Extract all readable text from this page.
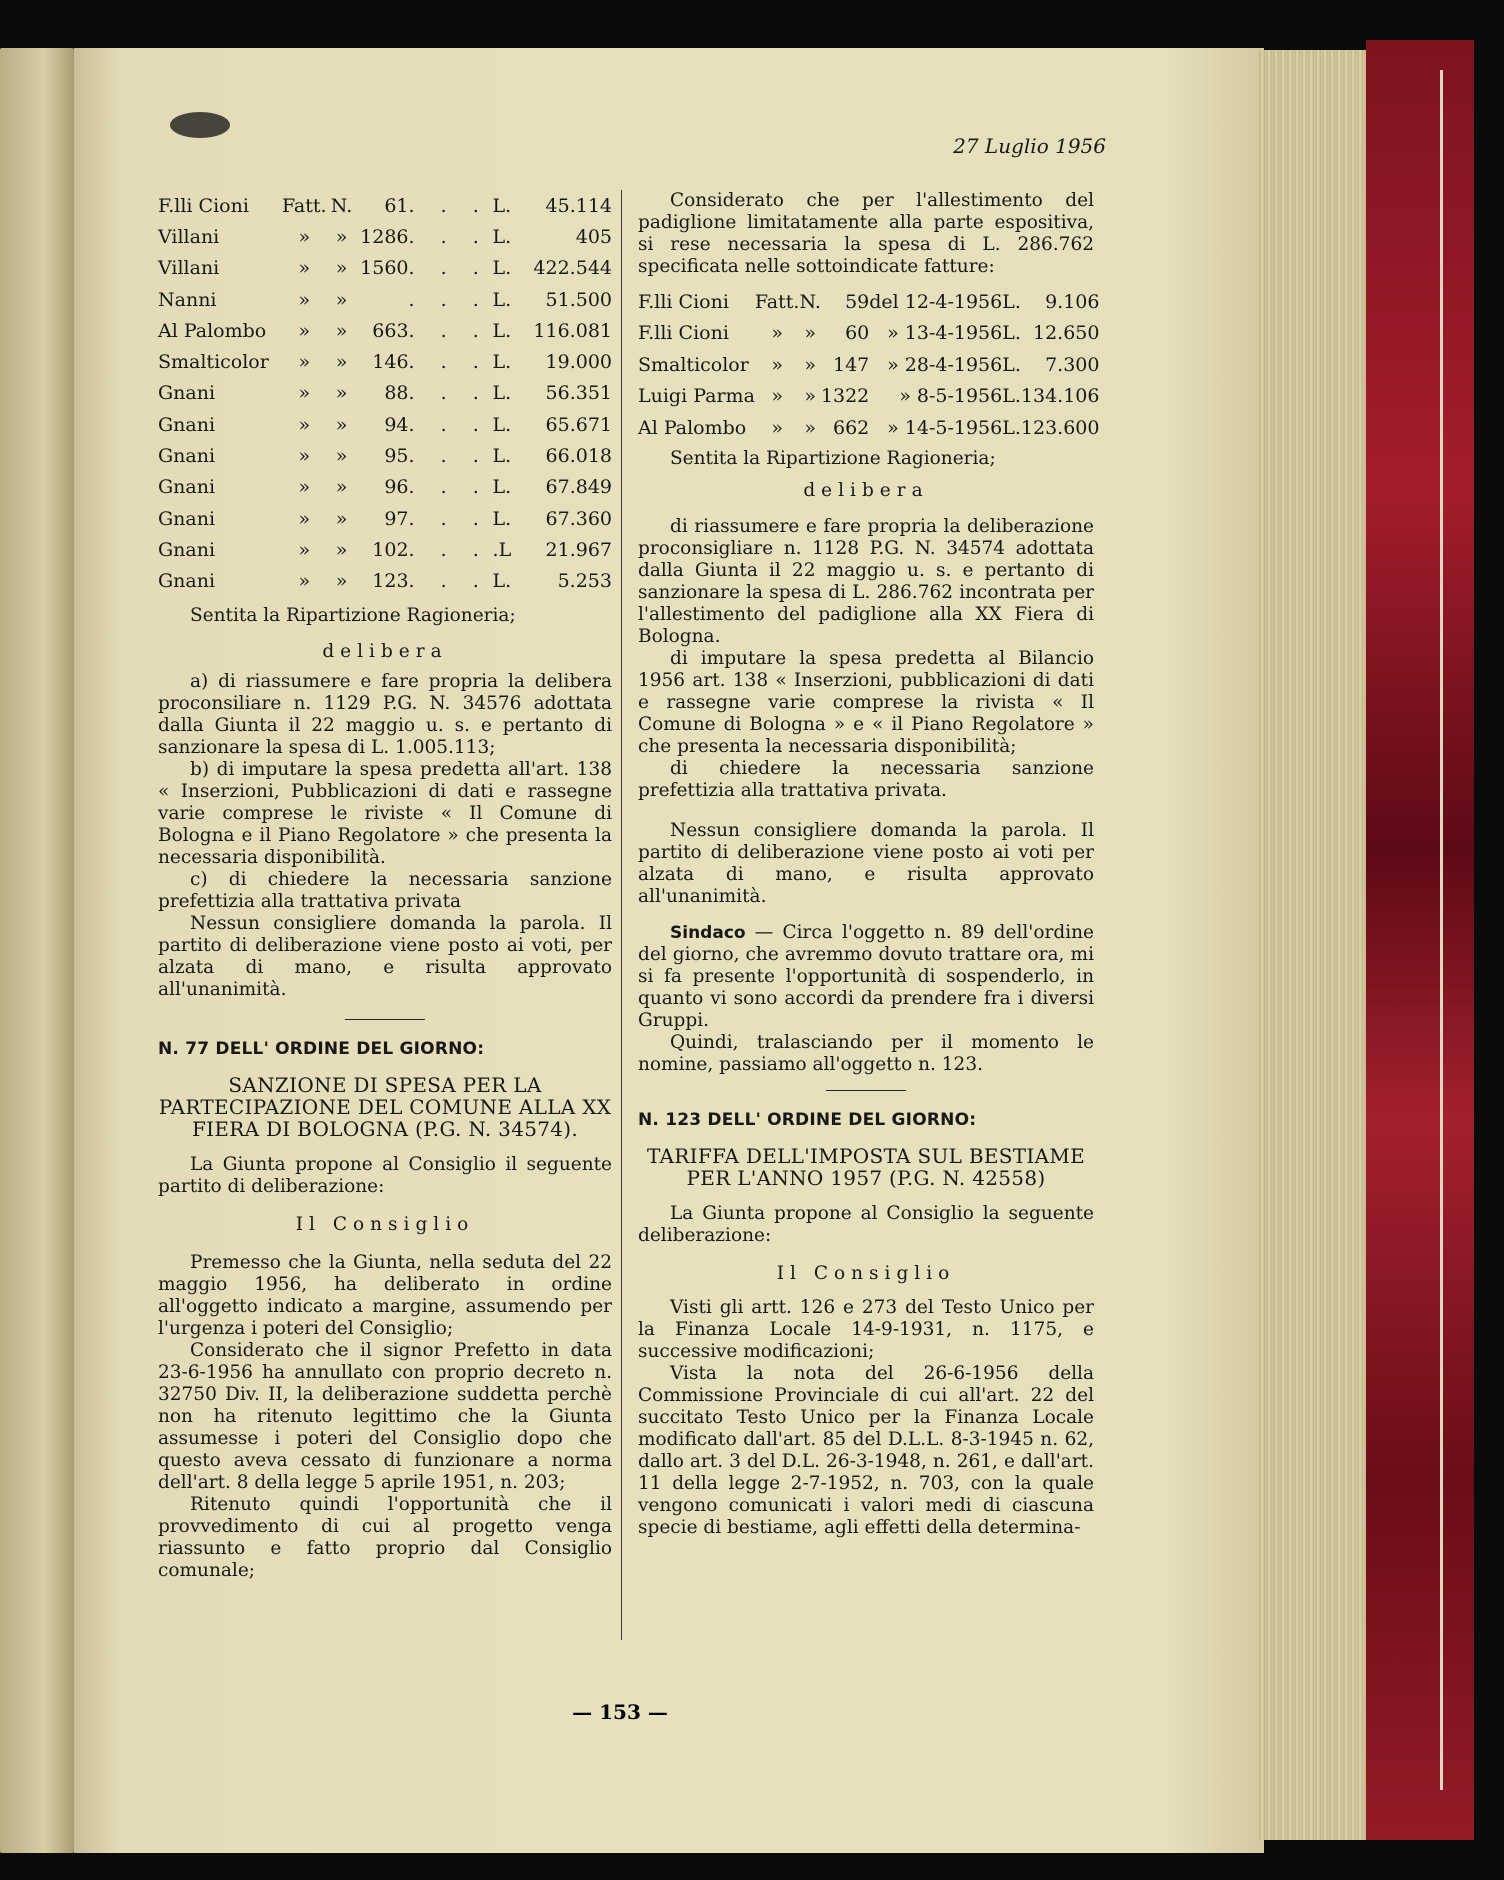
27 Luglio 1956
F.lli Cioni	Fatt.	N.	61	. . .	L.	45.114
Villani	»	»	1286	. . .	L.	405
Villani	»	»	1560	. . .	L.	422.544
Nanni	»	»		. . .	L.	51.500
Al Palombo	»	»	663	. . .	L.	116.081
Smalticolor	»	»	146	. . .	L.	19.000
Gnani	»	»	88	. . .	L.	56.351
Gnani	»	»	94	. . .	L.	65.671
Gnani	»	»	95	. . .	L.	66.018
Gnani	»	»	96	. . .	L.	67.849
Gnani	»	»	97	. . .	L.	67.360
Gnani	»	»	102	. . .	.L	21.967
Gnani	»	»	123	. . .	L.	5.253

Sentita la Ripartizione Ragioneria;

delibera

a) di riassumere e fare propria la delibera proconsiliare n. 1129 P.G. N. 34576 adottata dalla Giunta il 22 maggio u. s. e pertanto di sanzionare la spesa di L. 1.005.113;

b) di imputare la spesa predetta all'art. 138 « Inserzioni, Pubblicazioni di dati e rassegne varie comprese le riviste « Il Comune di Bologna e il Piano Regolatore » che presenta la necessaria disponibilità.

c) di chiedere la necessaria sanzione prefettizia alla trattativa privata

Nessun consigliere domanda la parola. Il partito di deliberazione viene posto ai voti, per alzata di mano, e risulta approvato all'unanimità.

N. 77 DELL' ORDINE DEL GIORNO:

SANZIONE DI SPESA PER LA PARTECIPAZIONE DEL COMUNE ALLA XX FIERA DI BOLOGNA (P.G. N. 34574).

La Giunta propone al Consiglio il seguente partito di deliberazione:

Il Consiglio

Premesso che la Giunta, nella seduta del 22 maggio 1956, ha deliberato in ordine all'oggetto indicato a margine, assumendo per l'urgenza i poteri del Consiglio;

Considerato che il signor Prefetto in data 23-6-1956 ha annullato con proprio decreto n. 32750 Div. II, la deliberazione suddetta perchè non ha ritenuto legittimo che la Giunta assumesse i poteri del Consiglio dopo che questo aveva cessato di funzionare a norma dell'art. 8 della legge 5 aprile 1951, n. 203;

Ritenuto quindi l'opportunità che il provvedimento di cui al progetto venga riassunto e fatto proprio dal Consiglio comunale;

Considerato che per l'allestimento del padiglione limitatamente alla parte espositiva, si rese necessaria la spesa di L. 286.762 specificata nelle sottoindicate fatture:

F.lli Cioni	Fatt.	N.	59	del 12-4-1956	L.	9.106
F.lli Cioni	»	»	60	» 13-4-1956	L.	12.650
Smalticolor	»	»	147	» 28-4-1956	L.	7.300
Luigi Parma	»	»	1322	» 8-5-1956	L.	134.106
Al Palombo	»	»	662	» 14-5-1956	L.	123.600

Sentita la Ripartizione Ragioneria;

delibera

di riassumere e fare propria la deliberazione proconsigliare n. 1128 P.G. N. 34574 adottata dalla Giunta il 22 maggio u. s. e pertanto di sanzionare la spesa di L. 286.762 incontrata per l'allestimento del padiglione alla XX Fiera di Bologna.

di imputare la spesa predetta al Bilancio 1956 art. 138 « Inserzioni, pubblicazioni di dati e rassegne varie comprese la rivista « Il Comune di Bologna » e « il Piano Regolatore » che presenta la necessaria disponibilità;

di chiedere la necessaria sanzione prefettizia alla trattativa privata.

Nessun consigliere domanda la parola. Il partito di deliberazione viene posto ai voti per alzata di mano, e risulta approvato all'unanimità.

Sindaco — Circa l'oggetto n. 89 dell'ordine del giorno, che avremmo dovuto trattare ora, mi si fa presente l'opportunità di sospenderlo, in quanto vi sono accordi da prendere fra i diversi Gruppi.

Quindi, tralasciando per il momento le nomine, passiamo all'oggetto n. 123.

N. 123 DELL' ORDINE DEL GIORNO:

TARIFFA DELL'IMPOSTA SUL BESTIAME PER L'ANNO 1957 (P.G. N. 42558)

La Giunta propone al Consiglio la seguente deliberazione:

Il Consiglio

Visti gli artt. 126 e 273 del Testo Unico per la Finanza Locale 14-9-1931, n. 1175, e successive modificazioni;

Vista la nota del 26-6-1956 della Commissione Provinciale di cui all'art. 22 del succitato Testo Unico per la Finanza Locale modificato dall'art. 85 del D.L.L. 8-3-1945 n. 62, dallo art. 3 del D.L. 26-3-1948, n. 261, e dall'art. 11 della legge 2-7-1952, n. 703, con la quale vengono comunicati i valori medi di ciascuna specie di bestiame, agli effetti della determina-

— 153 —
